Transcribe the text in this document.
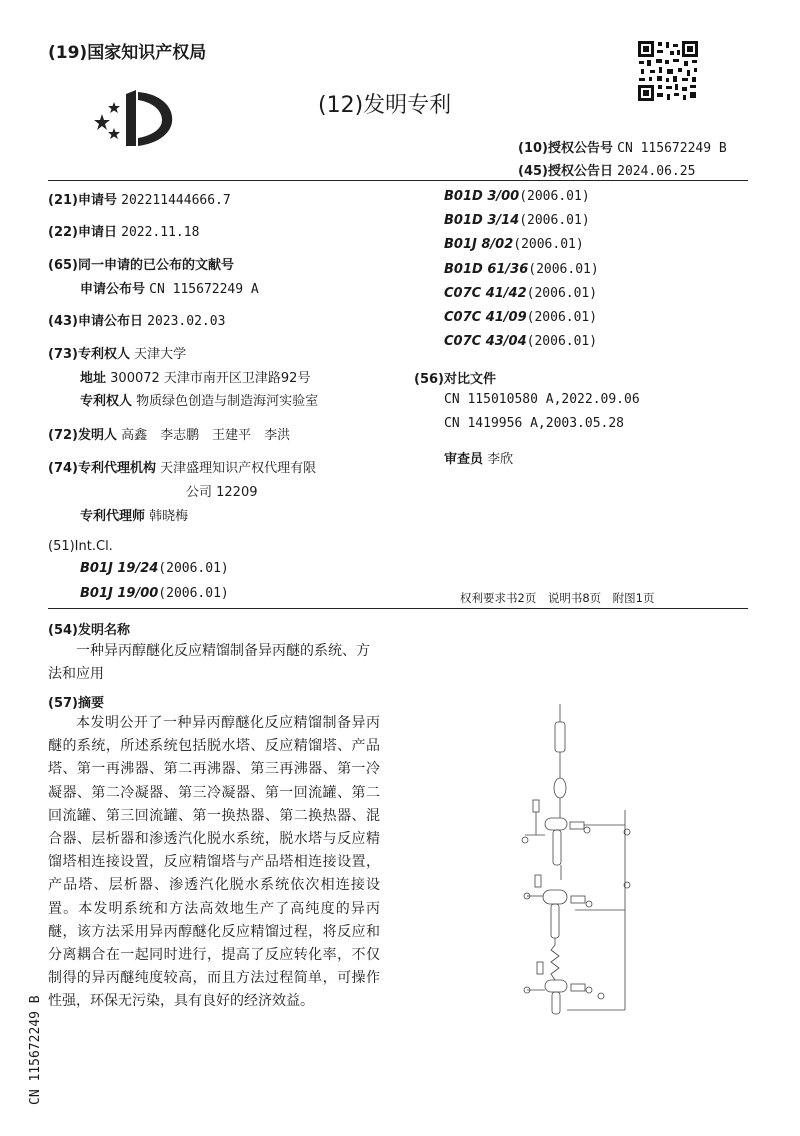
(19)国家知识产权局
(12)发明专利
(10)授权公告号 CN 115672249 B
(45)授权公告日 2024.06.25
(21)申请号 202211444666.7
(22)申请日 2022.11.18
(65)同一申请的已公布的文献号
申请公布号 CN 115672249 A
(43)申请公布日 2023.02.03
(73)专利权人 天津大学
地址 300072 天津市南开区卫津路92号
专利权人 物质绿色创造与制造海河实验室
(72)发明人 高鑫　李志鹏　王建平　李洪
(74)专利代理机构 天津盛理知识产权代理有限
公司 12209
专利代理师 韩晓梅
(51)Int.Cl.
B01J 19/24(2006.01)
B01J 19/00(2006.01)
B01D 3/00(2006.01)
B01D 3/14(2006.01)
B01J 8/02(2006.01)
B01D 61/36(2006.01)
C07C 41/42(2006.01)
C07C 41/09(2006.01)
C07C 43/04(2006.01)
(56)对比文件
CN 115010580 A,2022.09.06
CN 1419956 A,2003.05.28
审查员 李欣
权利要求书2页　说明书8页　附图1页
(54)发明名称

一种异丙醇醚化反应精馏制备异丙醚的系统、方法和应用

(57)摘要

本发明公开了一种异丙醇醚化反应精馏制备异丙醚的系统，所述系统包括脱水塔、反应精馏塔、产品塔、第一再沸器、第二再沸器、第三再沸器、第一冷凝器、第二冷凝器、第三冷凝器、第一回流罐、第二回流罐、第三回流罐、第一换热器、第二换热器、混合器、层析器和渗透汽化脱水系统，脱水塔与反应精馏塔相连接设置，反应精馏塔与产品塔相连接设置，产品塔、层析器、渗透汽化脱水系统依次相连接设置。本发明系统和方法高效地生产了高纯度的异丙醚，该方法采用异丙醇醚化反应精馏过程，将反应和分离耦合在一起同时进行，提高了反应转化率，不仅制得的异丙醚纯度较高，而且方法过程简单，可操作性强，环保无污染，具有良好的经济效益。

CN 115672249 B
